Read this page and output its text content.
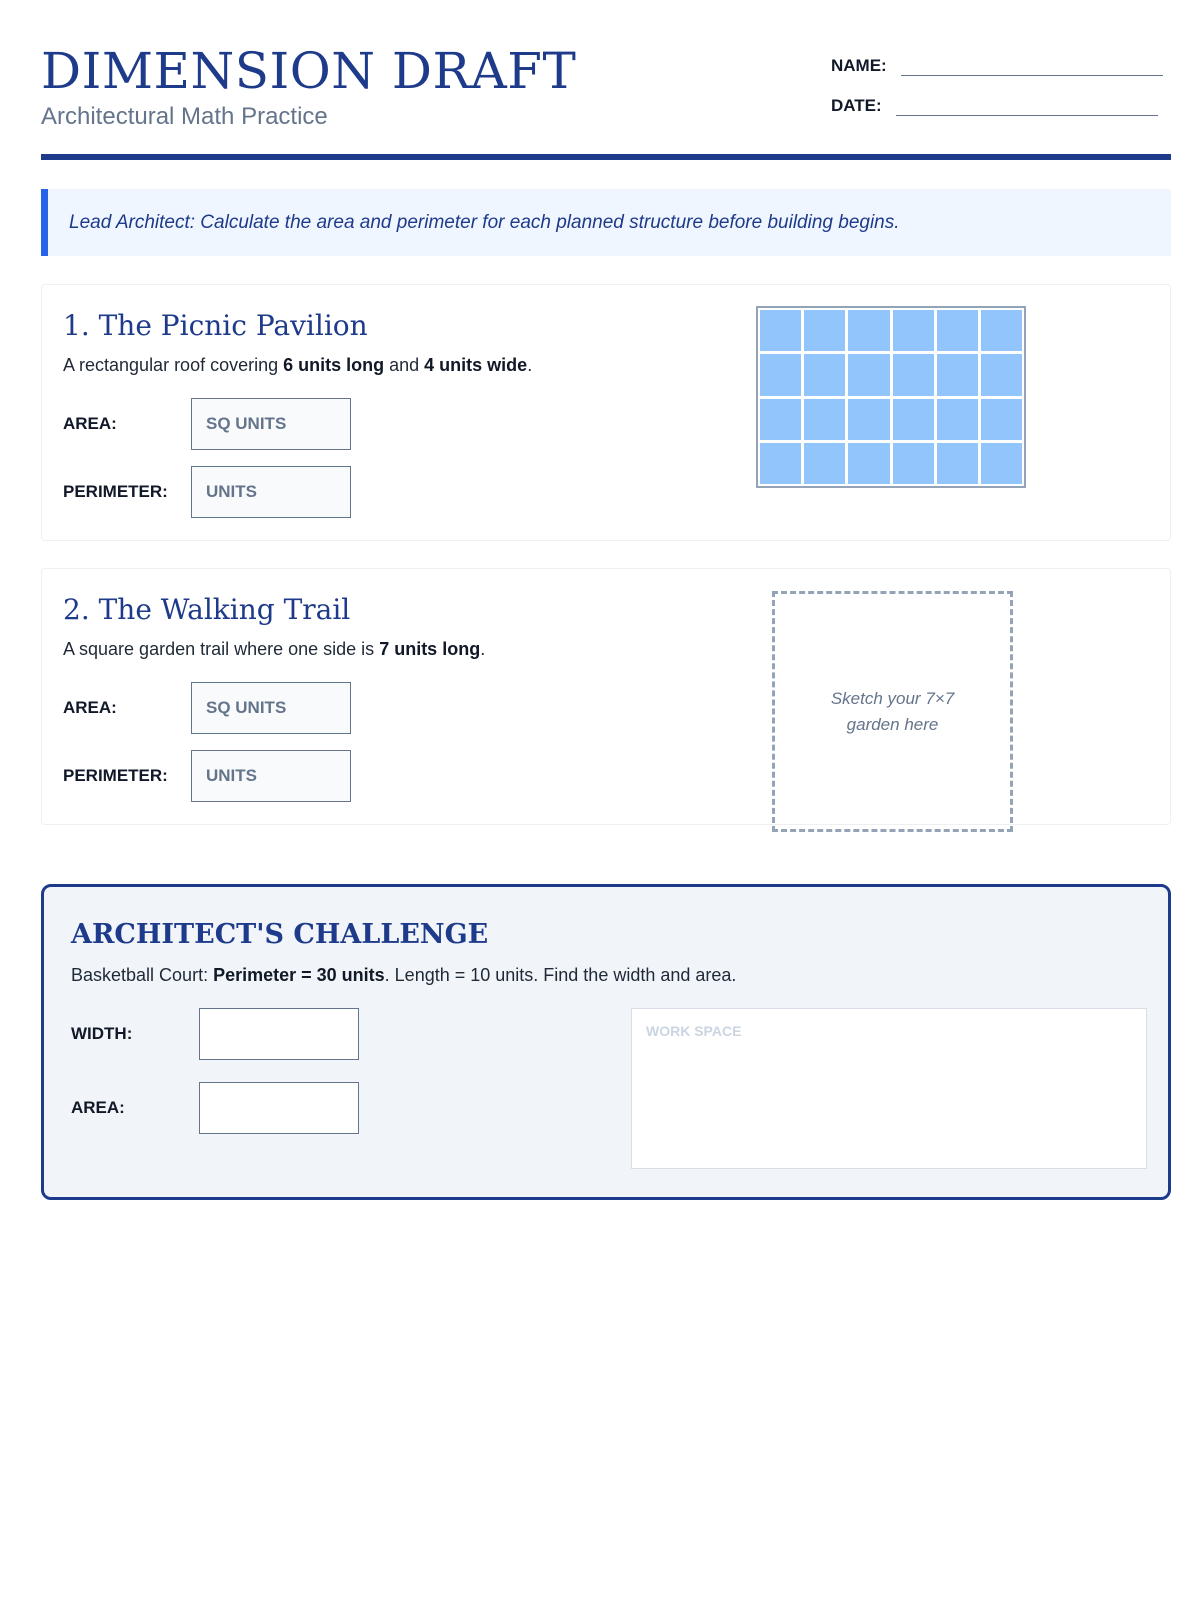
DIMENSION DRAFT

Architectural Math Practice

NAME:
DATE:
Lead Architect: Calculate the area and perimeter for each planned structure before building begins.
1. The Picnic Pavilion
A rectangular roof covering 6 units long and 4 units wide.
AREA:	SQ UNITS
PERIMETER:	UNITS
2. The Walking Trail
A square garden trail where one side is 7 units long.
AREA:	SQ UNITS
PERIMETER:	UNITS
Sketch your 7×7 garden here
ARCHITECT'S CHALLENGE
Basketball Court: Perimeter = 30 units. Length = 10 units. Find the width and area.
WIDTH:
AREA:
WORK SPACE
